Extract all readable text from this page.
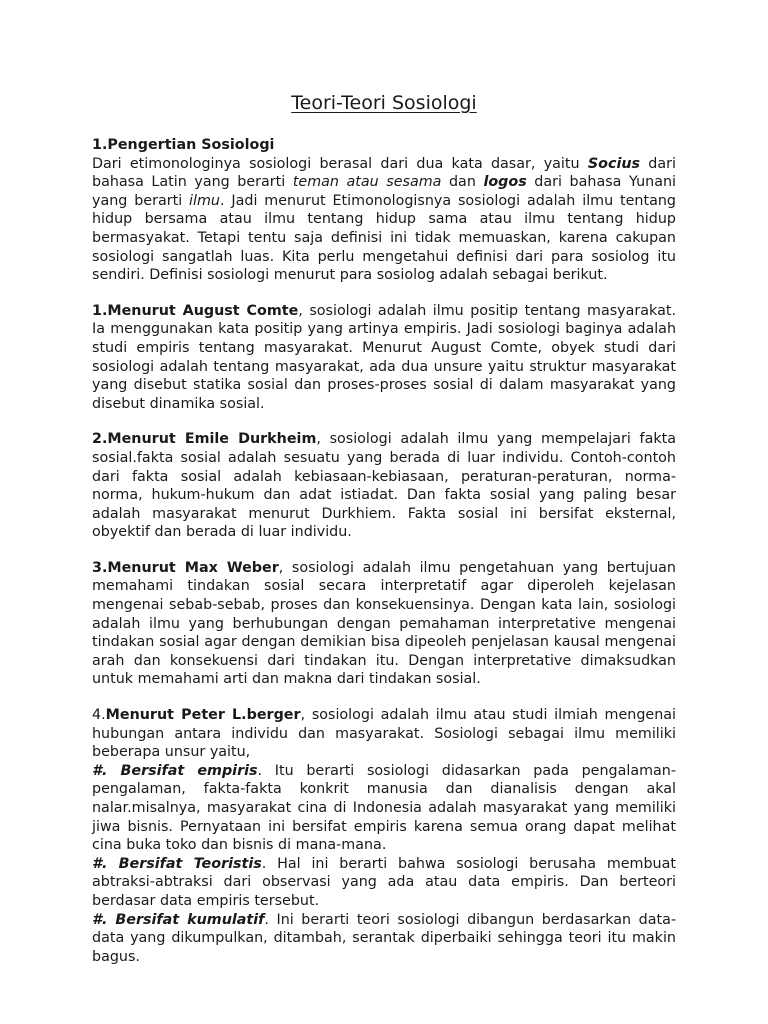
Teori-Teori Sosiologi
1.Pengertian Sosiologi

Dari etimonologinya sosiologi berasal dari dua kata dasar, yaitu Socius dari bahasa Latin yang berarti teman atau sesama dan logos dari bahasa Yunani yang berarti ilmu. Jadi menurut Etimonologisnya sosiologi adalah ilmu tentang hidup bersama atau ilmu tentang hidup sama atau ilmu tentang hidup bermasyakat. Tetapi tentu saja definisi ini tidak memuaskan, karena cakupan sosiologi sangatlah luas. Kita perlu mengetahui definisi dari para sosiolog itu sendiri. Definisi sosiologi menurut para sosiolog adalah sebagai berikut.

1.Menurut August Comte, sosiologi adalah ilmu positip tentang masyarakat. Ia menggunakan kata positip yang artinya empiris. Jadi sosiologi baginya adalah studi empiris tentang masyarakat. Menurut August Comte, obyek studi dari sosiologi adalah tentang masyarakat, ada dua unsure yaitu struktur masyarakat yang disebut statika sosial dan proses-proses sosial di dalam masyarakat yang disebut dinamika sosial.

2.Menurut Emile Durkheim, sosiologi adalah ilmu yang mempelajari fakta sosial.fakta sosial adalah sesuatu yang berada di luar individu. Contoh-contoh dari fakta sosial adalah kebiasaan-kebiasaan, peraturan-peraturan, norma-norma, hukum-hukum dan adat istiadat. Dan fakta sosial yang paling besar adalah masyarakat menurut Durkhiem. Fakta sosial ini bersifat eksternal, obyektif dan berada di luar individu.

3.Menurut Max Weber, sosiologi adalah ilmu pengetahuan yang bertujuan memahami tindakan sosial secara interpretatif agar diperoleh kejelasan mengenai sebab-sebab, proses dan konsekuensinya. Dengan kata lain, sosiologi adalah ilmu yang berhubungan dengan pemahaman interpretative mengenai tindakan sosial agar dengan demikian bisa dipeoleh penjelasan kausal mengenai arah dan konsekuensi dari tindakan itu. Dengan interpretative dimaksudkan untuk memahami arti dan makna dari tindakan sosial.

4.Menurut Peter L.berger, sosiologi adalah ilmu atau studi ilmiah mengenai hubungan antara individu dan masyarakat. Sosiologi sebagai ilmu memiliki beberapa unsur yaitu,

#. Bersifat empiris. Itu berarti sosiologi didasarkan pada pengalaman-pengalaman, fakta-fakta konkrit manusia dan dianalisis dengan akal nalar.misalnya, masyarakat cina di Indonesia adalah masyarakat yang memiliki jiwa bisnis. Pernyataan ini bersifat empiris karena semua orang dapat melihat cina buka toko dan bisnis di mana-mana.

#. Bersifat Teoristis. Hal ini berarti bahwa sosiologi berusaha membuat abtraksi-abtraksi dari observasi yang ada atau data empiris. Dan berteori berdasar data empiris tersebut.

#. Bersifat kumulatif. Ini berarti teori sosiologi dibangun berdasarkan data-data yang dikumpulkan, ditambah, serantak diperbaiki sehingga teori itu makin bagus.
